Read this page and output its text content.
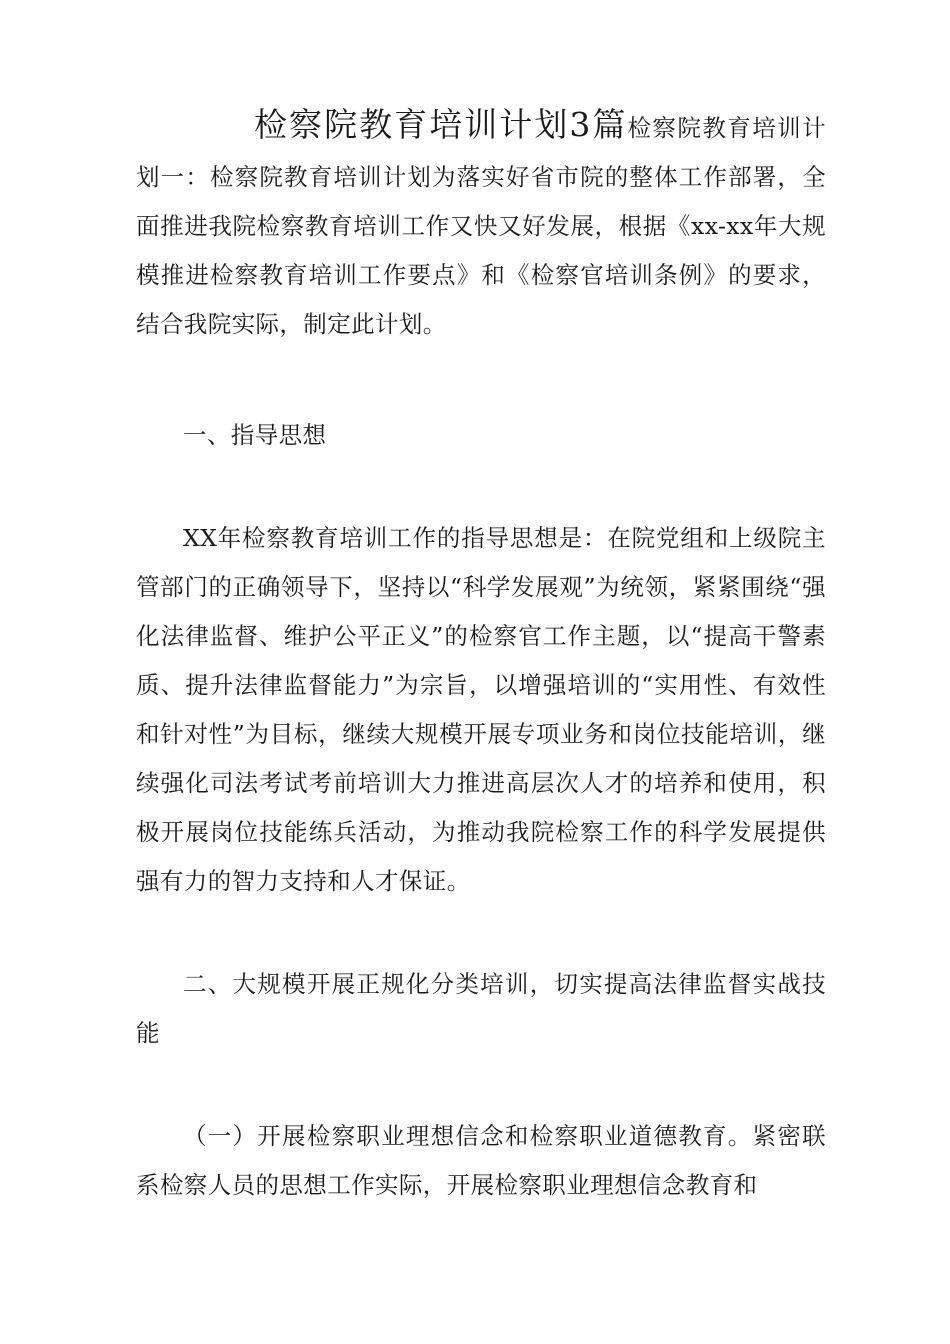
检察院教育培训计划3篇检察院教育培训计划一：检察院教育培训计划为落实好省市院的整体工作部署，全面推进我院检察教育培训工作又快又好发展，根据《xx-xx年大规模推进检察教育培训工作要点》和《检察官培训条例》的要求，结合我院实际，制定此计划。

一、指导思想

XX年检察教育培训工作的指导思想是：在院党组和上级院主管部门的正确领导下，坚持以“科学发展观”为统领，紧紧围绕“强化法律监督、维护公平正义”的检察官工作主题，以“提高干警素质、提升法律监督能力”为宗旨，以增强培训的“实用性、有效性和针对性”为目标，继续大规模开展专项业务和岗位技能培训，继续强化司法考试考前培训大力推进高层次人才的培养和使用，积极开展岗位技能练兵活动，为推动我院检察工作的科学发展提供强有力的智力支持和人才保证。

二、大规模开展正规化分类培训，切实提高法律监督实战技能

（一）开展检察职业理想信念和检察职业道德教育。紧密联系检察人员的思想工作实际，开展检察职业理想信念教育和
